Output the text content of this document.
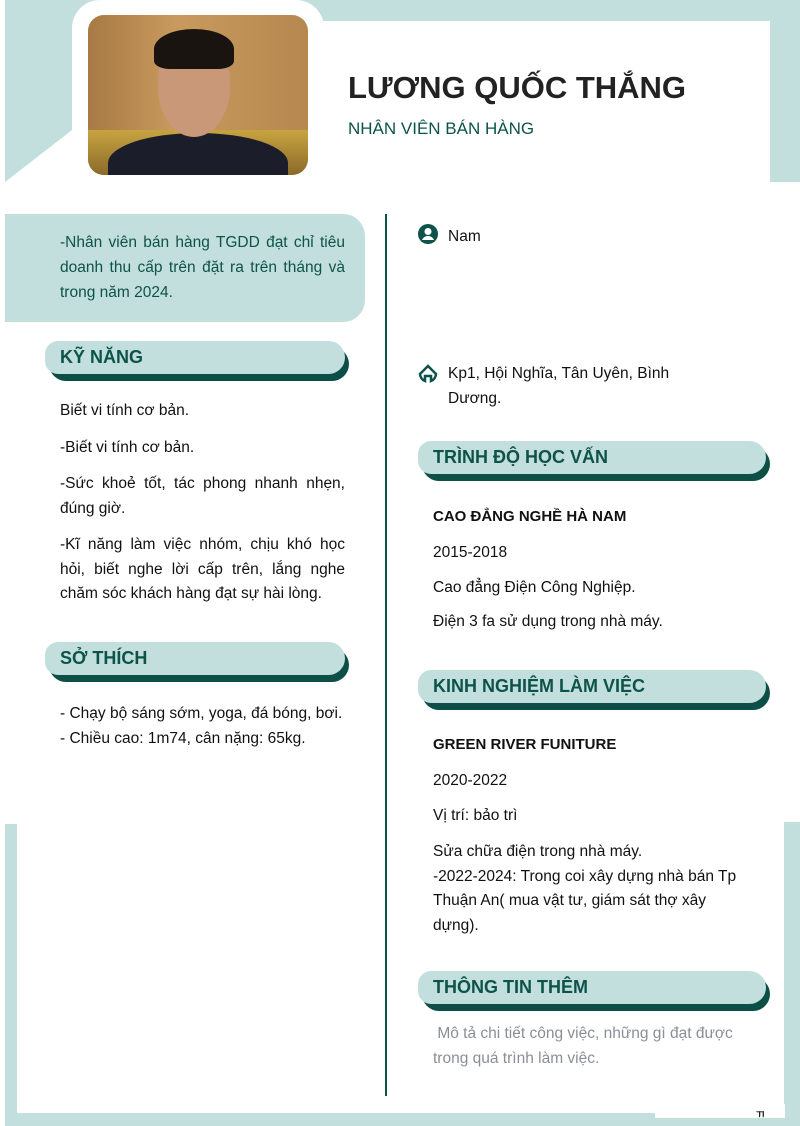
LƯƠNG QUỐC THẮNG
NHÂN VIÊN BÁN HÀNG
ㄲ
-Nhân viên bán hàng TGDD đạt chỉ tiêu doanh thu cấp trên đặt ra trên tháng và trong năm 2024.
Nam
Kp1, Hội Nghĩa, Tân Uyên, Bình Dương.
KỸ NĂNG
Biết vi tính cơ bản.
-Biết vi tính cơ bản.
-Sức khoẻ tốt, tác phong nhanh nhẹn, đúng giờ.
-Kĩ năng làm việc nhóm, chịu khó học hỏi, biết nghe lời cấp trên, lắng nghe chăm sóc khách hàng đạt sự hài lòng.
SỞ THÍCH
- Chạy bộ sáng sớm, yoga, đá bóng, bơi.
- Chiều cao: 1m74, cân nặng: 65kg.
TRÌNH ĐỘ HỌC VẤN
CAO ĐẲNG NGHỀ HÀ NAM
2015-2018
Cao đẳng Điện Công Nghiệp.
Điện 3 fa sử dụng trong nhà máy.
KINH NGHIỆM LÀM VIỆC
GREEN RIVER FUNITURE
2020-2022
Vị trí: bảo trì
Sửa chữa điện trong nhà máy.
-2022-2024: Trong coi xây dựng nhà bán Tp Thuận An( mua vật tư, giám sát thợ xây dựng).
THÔNG TIN THÊM
Mô tả chi tiết công việc, những gì đạt được trong quá trình làm việc.
